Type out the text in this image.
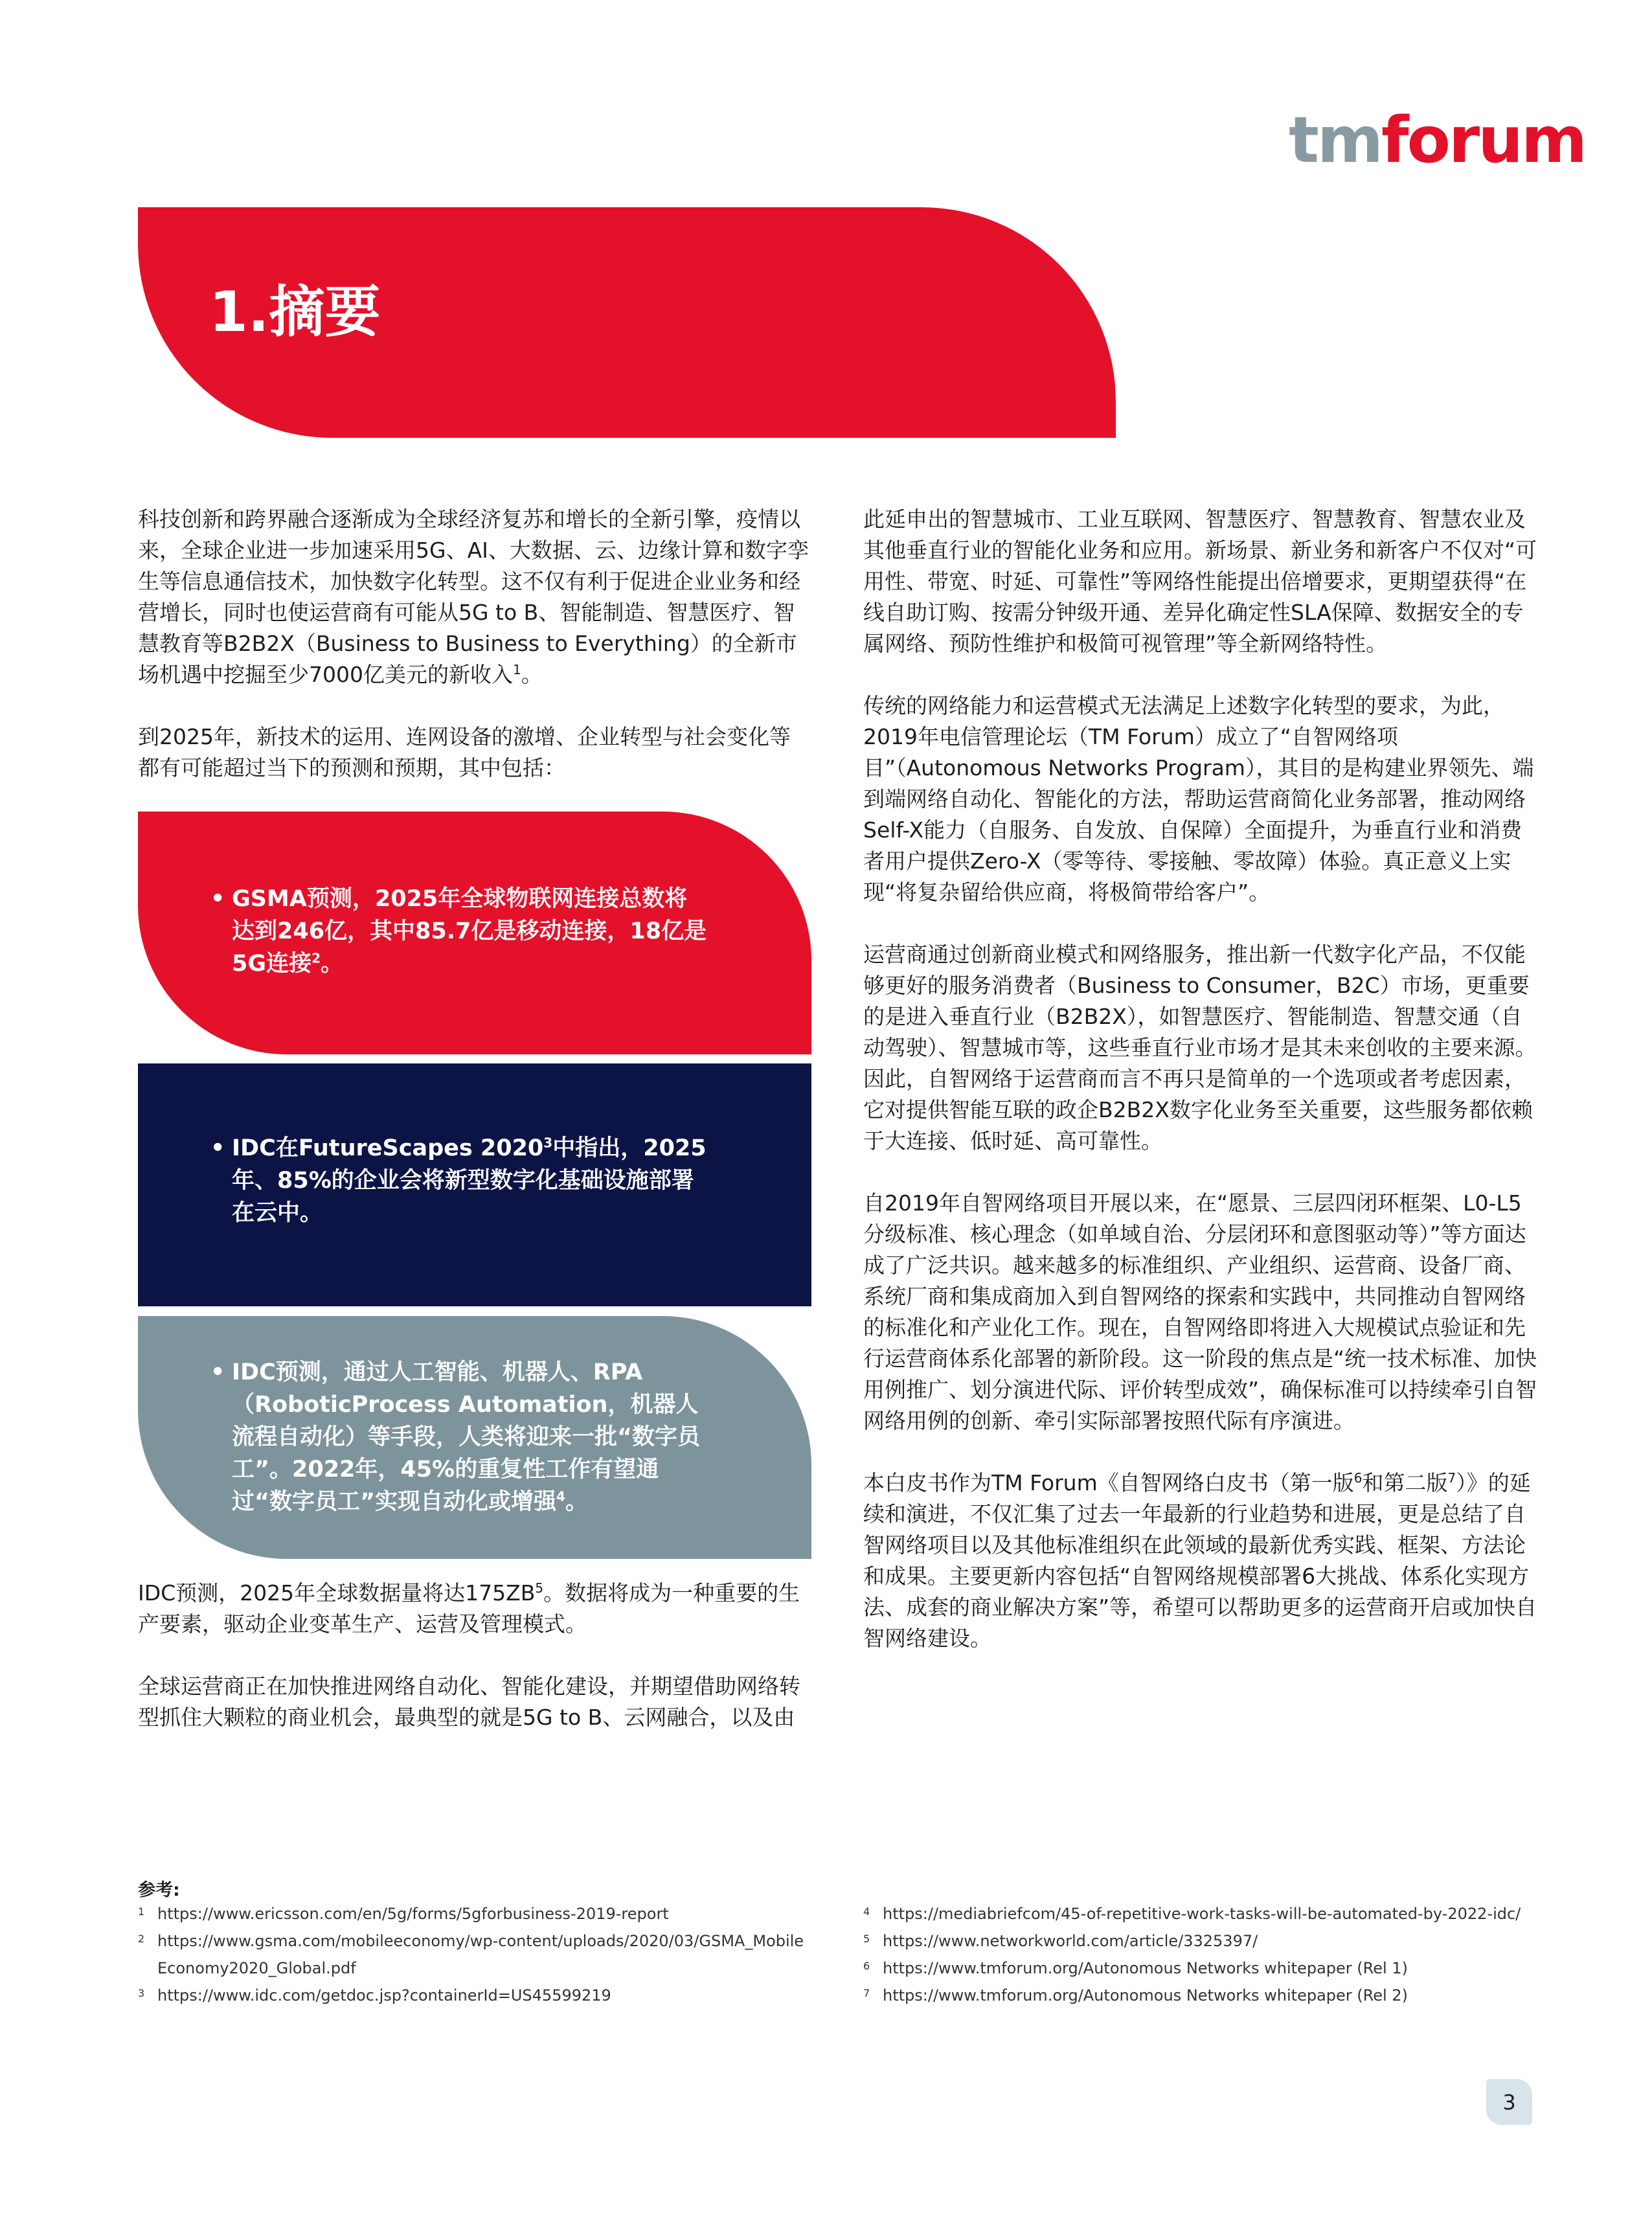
tmforum
1.摘要

科技创新和跨界融合逐渐成为全球经济复苏和增长的全新引擎，疫情以来，全球企业进一步加速采用5G、AI、大数据、云、边缘计算和数字孪生等信息通信技术，加快数字化转型。这不仅有利于促进企业业务和经营增长，同时也使运营商有可能从5G to B、智能制造、智慧医疗、智慧教育等B2B2X（Business to Business to Everything）的全新市场机遇中挖掘至少7000亿美元的新收入$^1$。

到2025年，新技术的运用、连网设备的激增、企业转型与社会变化等都有可能超过当下的预测和预期，其中包括：

• GSMA预测，2025年全球物联网连接总数将达到246亿，其中85.7亿是移动连接，18亿是5G连接$^2$。
• IDC在FutureScapes 2020$^3$中指出，2025年、85%的企业会将新型数字化基础设施部署在云中。
• IDC预测，通过人工智能、机器人、RPA（RoboticProcess Automation，机器人流程自动化）等手段，人类将迎来一批“数字员工”。2022年，45%的重复性工作有望通过“数字员工”实现自动化或增强$^4$。

IDC预测，2025年全球数据量将达$175ZB^5$。数据将成为一种重要的生产要素，驱动企业变革生产、运营及管理模式。

全球运营商正在加快推进网络自动化、智能化建设，并期望借助网络转型抓住大颗粒的商业机会，最典型的就是5G to B、云网融合，以及由

此延申出的智慧城市、工业互联网、智慧医疗、智慧教育、智慧农业及其他垂直行业的智能化业务和应用。新场景、新业务和新客户不仅对“可用性、带宽、时延、可靠性”等网络性能提出倍增要求，更期望获得“在线自助订购、按需分钟级开通、差异化确定性SLA保障、数据安全的专属网络、预防性维护和极简可视管理”等全新网络特性。

传统的网络能力和运营模式无法满足上述数字化转型的要求，为此，2019年电信管理论坛（TM Forum）成立了“自智网络项目”（Autonomous Networks Program），其目的是构建业界领先、端到端网络自动化、智能化的方法，帮助运营商简化业务部署，推动网络Self-X能力（自服务、自发放、自保障）全面提升，为垂直行业和消费者用户提供Zero-X（零等待、零接触、零故障）体验。真正意义上实现“将复杂留给供应商，将极简带给客户”。

运营商通过创新商业模式和网络服务，推出新一代数字化产品，不仅能够更好的服务消费者（Business to Consumer，B2C）市场，更重要的是进入垂直行业（B2B2X），如智慧医疗、智能制造、智慧交通（自动驾驶）、智慧城市等，这些垂直行业市场才是其未来创收的主要来源。因此，自智网络于运营商而言不再只是简单的一个选项或者考虑因素，它对提供智能互联的政企B2B2X数字化业务至关重要，这些服务都依赖于大连接、低时延、高可靠性。

自2019年自智网络项目开展以来，在“愿景、三层四闭环框架、L0-L5分级标准、核心理念（如单域自治、分层闭环和意图驱动等）”等方面达成了广泛共识。越来越多的标准组织、产业组织、运营商、设备厂商、系统厂商和集成商加入到自智网络的探索和实践中，共同推动自智网络的标准化和产业化工作。现在，自智网络即将进入大规模试点验证和先行运营商体系化部署的新阶段。这一阶段的焦点是“统一技术标准、加快用例推广、划分演进代际、评价转型成效”，确保标准可以持续牵引自智网络用例的创新、牵引实际部署按照代际有序演进。

本白皮书作为TM Forum《自智网络白皮书（第一版$^6$和第二版$^7$）》的延续和演进，不仅汇集了过去一年最新的行业趋势和进展，更是总结了自智网络项目以及其他标准组织在此领域的最新优秀实践、框架、方法论和成果。主要更新内容包括“自智网络规模部署6大挑战、体系化实现方法、成套的商业解决方案”等，希望可以帮助更多的运营商开启或加快自智网络建设。

参考:
1 https://www.ericsson.com/en/5g/forms/5gforbusiness-2019-report
2 https://www.gsma.com/mobileeconomy/wp-content/uploads/2020/03/GSMA_MobileEconomy2020_Global.pdf
3 https://www.idc.com/getdoc.jsp?containerId=US45599219
4 https://mediabriefcom/45-of-repetitive-work-tasks-will-be-automated-by-2022-idc/
5 https://www.networkworld.com/article/3325397/
6 https://www.tmforum.org/Autonomous Networks whitepaper (Rel 1)
7 https://www.tmforum.org/Autonomous Networks whitepaper (Rel 2)
3
